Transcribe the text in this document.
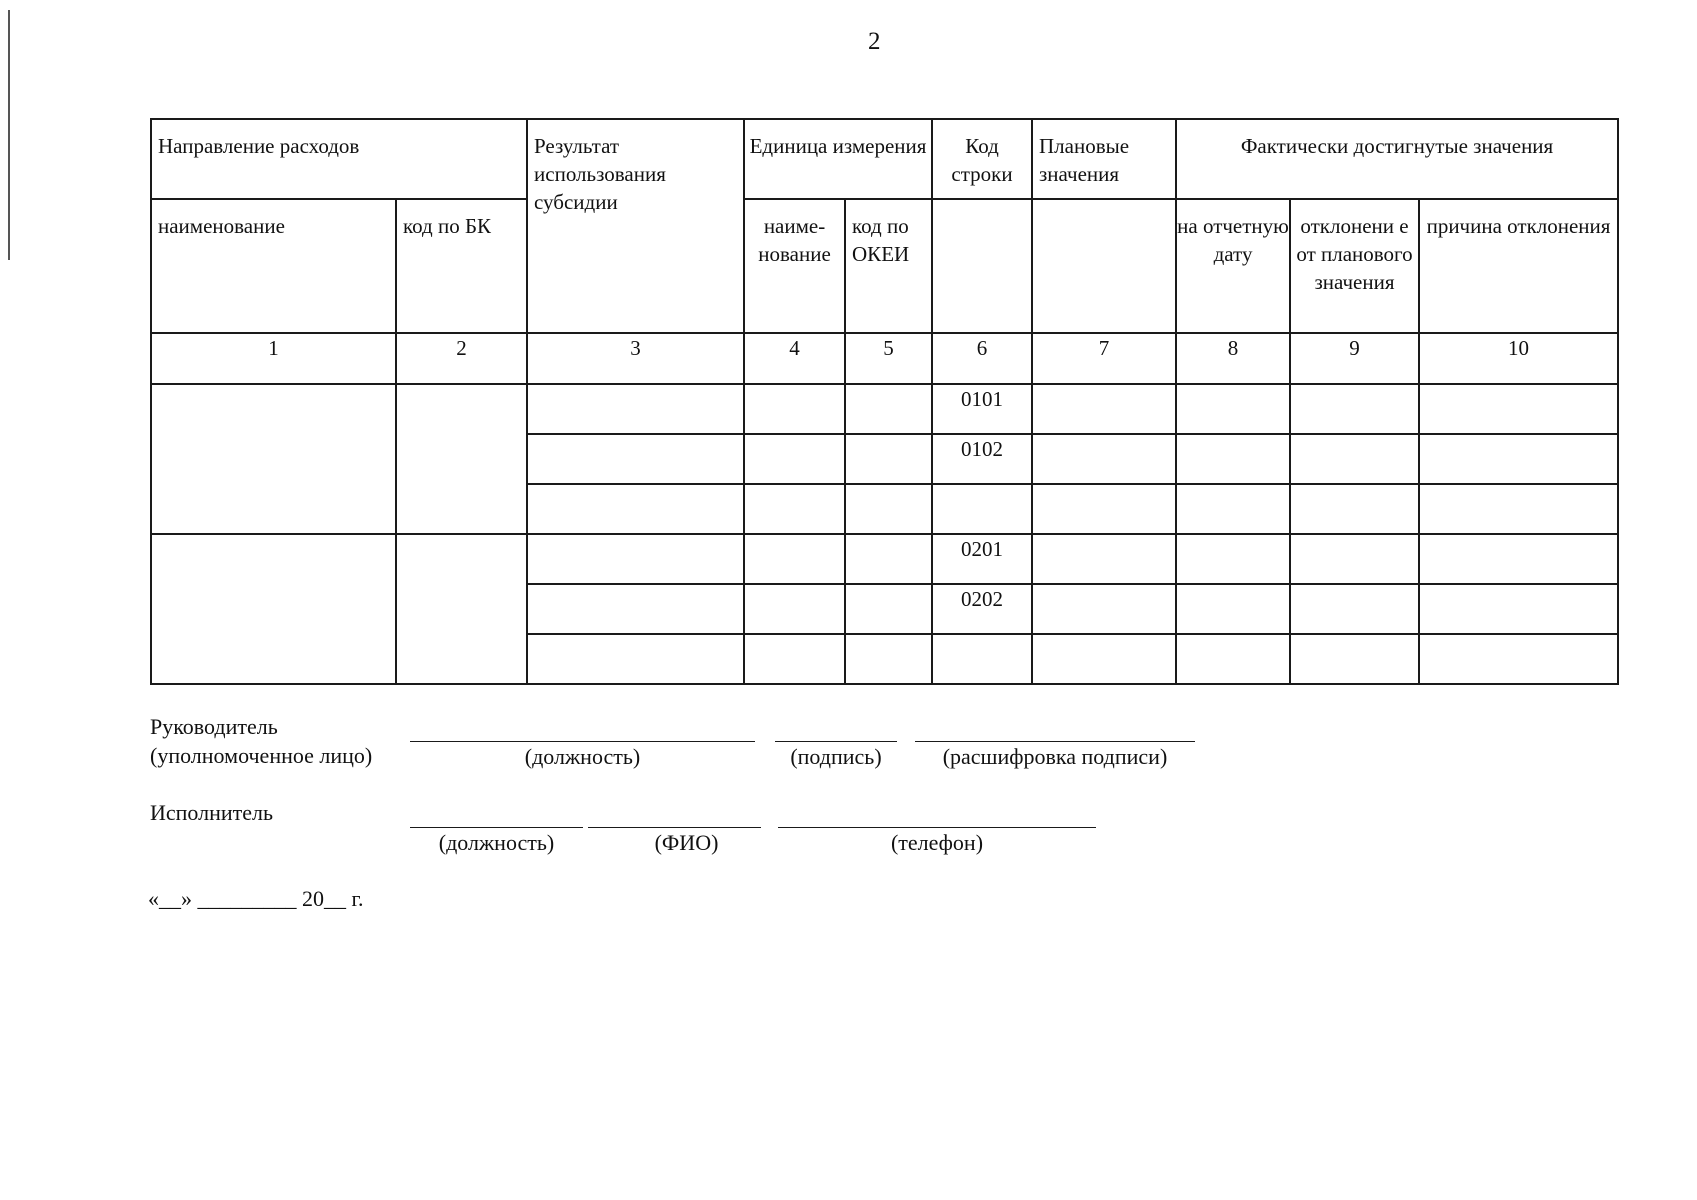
2
Направление расходов		Результат использования субсидии	Единица измерения		Код строки	Плановые значения	Фактически достигнутые значения		
наименование	код по БК		наиме-нование	код по ОКЕИ			на отчетную дату	отклонени е от планового значения	причина отклонения
1	2	3	4	5	6	7	8	9	10
					0101				
					0102				

					0201				
					0202				

Руководитель
(уполномоченное лицо)	(должность)	(подпись)	(расшифровка подписи)
Исполнитель
(должность)	(ФИО)	(телефон)
«__» _________ 20__ г.
